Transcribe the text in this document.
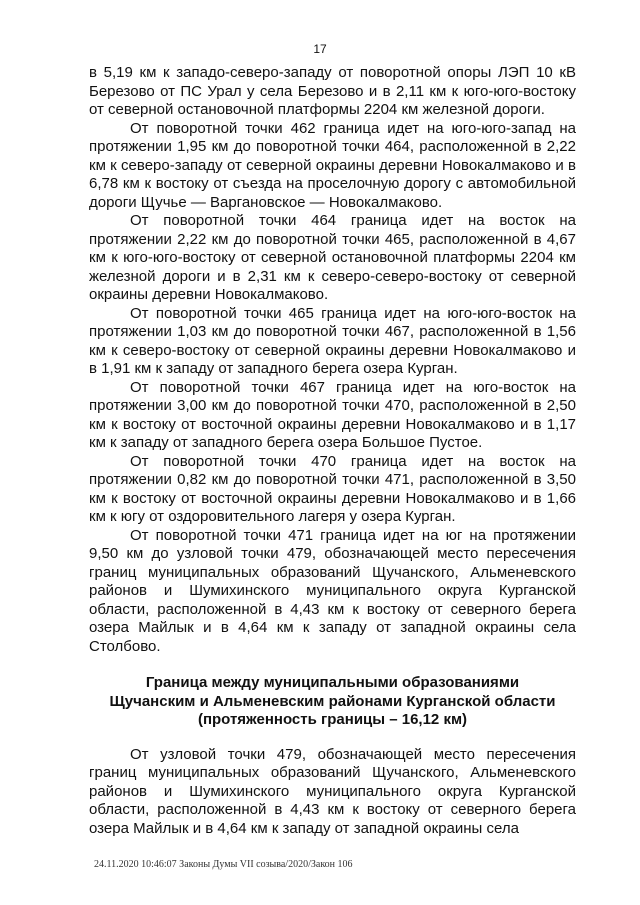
17

в 5,19 км к западо-северо-западу от поворотной опоры ЛЭП 10 кВ Березово от ПС Урал у села Березово и в 2,11 км к юго-юго-востоку от северной остановочной платформы 2204 км железной дороги.

От поворотной точки 462 граница идет на юго-юго-запад на протяжении 1,95 км до поворотной точки 464, расположенной в 2,22 км к северо-западу от северной окраины деревни Новокалмаково и в 6,78 км к востоку от съезда на проселочную дорогу с автомобильной дороги Щучье — Варгановское — Новокалмаково.

От поворотной точки 464 граница идет на восток на протяжении 2,22 км до поворотной точки 465, расположенной в 4,67 км к юго-юго-востоку от северной остановочной платформы 2204 км железной дороги и в 2,31 км к северо-северо-востоку от северной окраины деревни Новокалмаково.

От поворотной точки 465 граница идет на юго-юго-восток на протяжении 1,03 км до поворотной точки 467, расположенной в 1,56 км к северо-востоку от северной окраины деревни Новокалмаково и в 1,91 км к западу от западного берега озера Курган.

От поворотной точки 467 граница идет на юго-восток на протяжении 3,00 км до поворотной точки 470, расположенной в 2,50 км к востоку от восточной окраины деревни Новокалмаково и в 1,17 км к западу от западного берега озера Большое Пустое.

От поворотной точки 470 граница идет на восток на протяжении 0,82 км до поворотной точки 471, расположенной в 3,50 км к востоку от восточной окраины деревни Новокалмаково и в 1,66 км к югу от оздоровительного лагеря у озера Курган.

От поворотной точки 471 граница идет на юг на протяжении 9,50 км до узловой точки 479, обозначающей место пересечения границ муниципальных образований Щучанского, Альменевского районов и Шумихинского муниципального округа Курганской области, расположенной в 4,43 км к востоку от северного берега озера Майлык и в 4,64 км к западу от западной окраины села Столбово.

Граница между муниципальными образованиями
Щучанским и Альменевским районами Курганской области
(протяженность границы – 16,12 км)

От узловой точки 479, обозначающей место пересечения границ муниципальных образований Щучанского, Альменевского районов и Шумихинского муниципального округа Курганской области, расположенной в 4,43 км к востоку от северного берега озера Майлык и в 4,64 км к западу от западной окраины села

24.11.2020 10:46:07 Законы Думы VII созыва/2020/Закон 106
